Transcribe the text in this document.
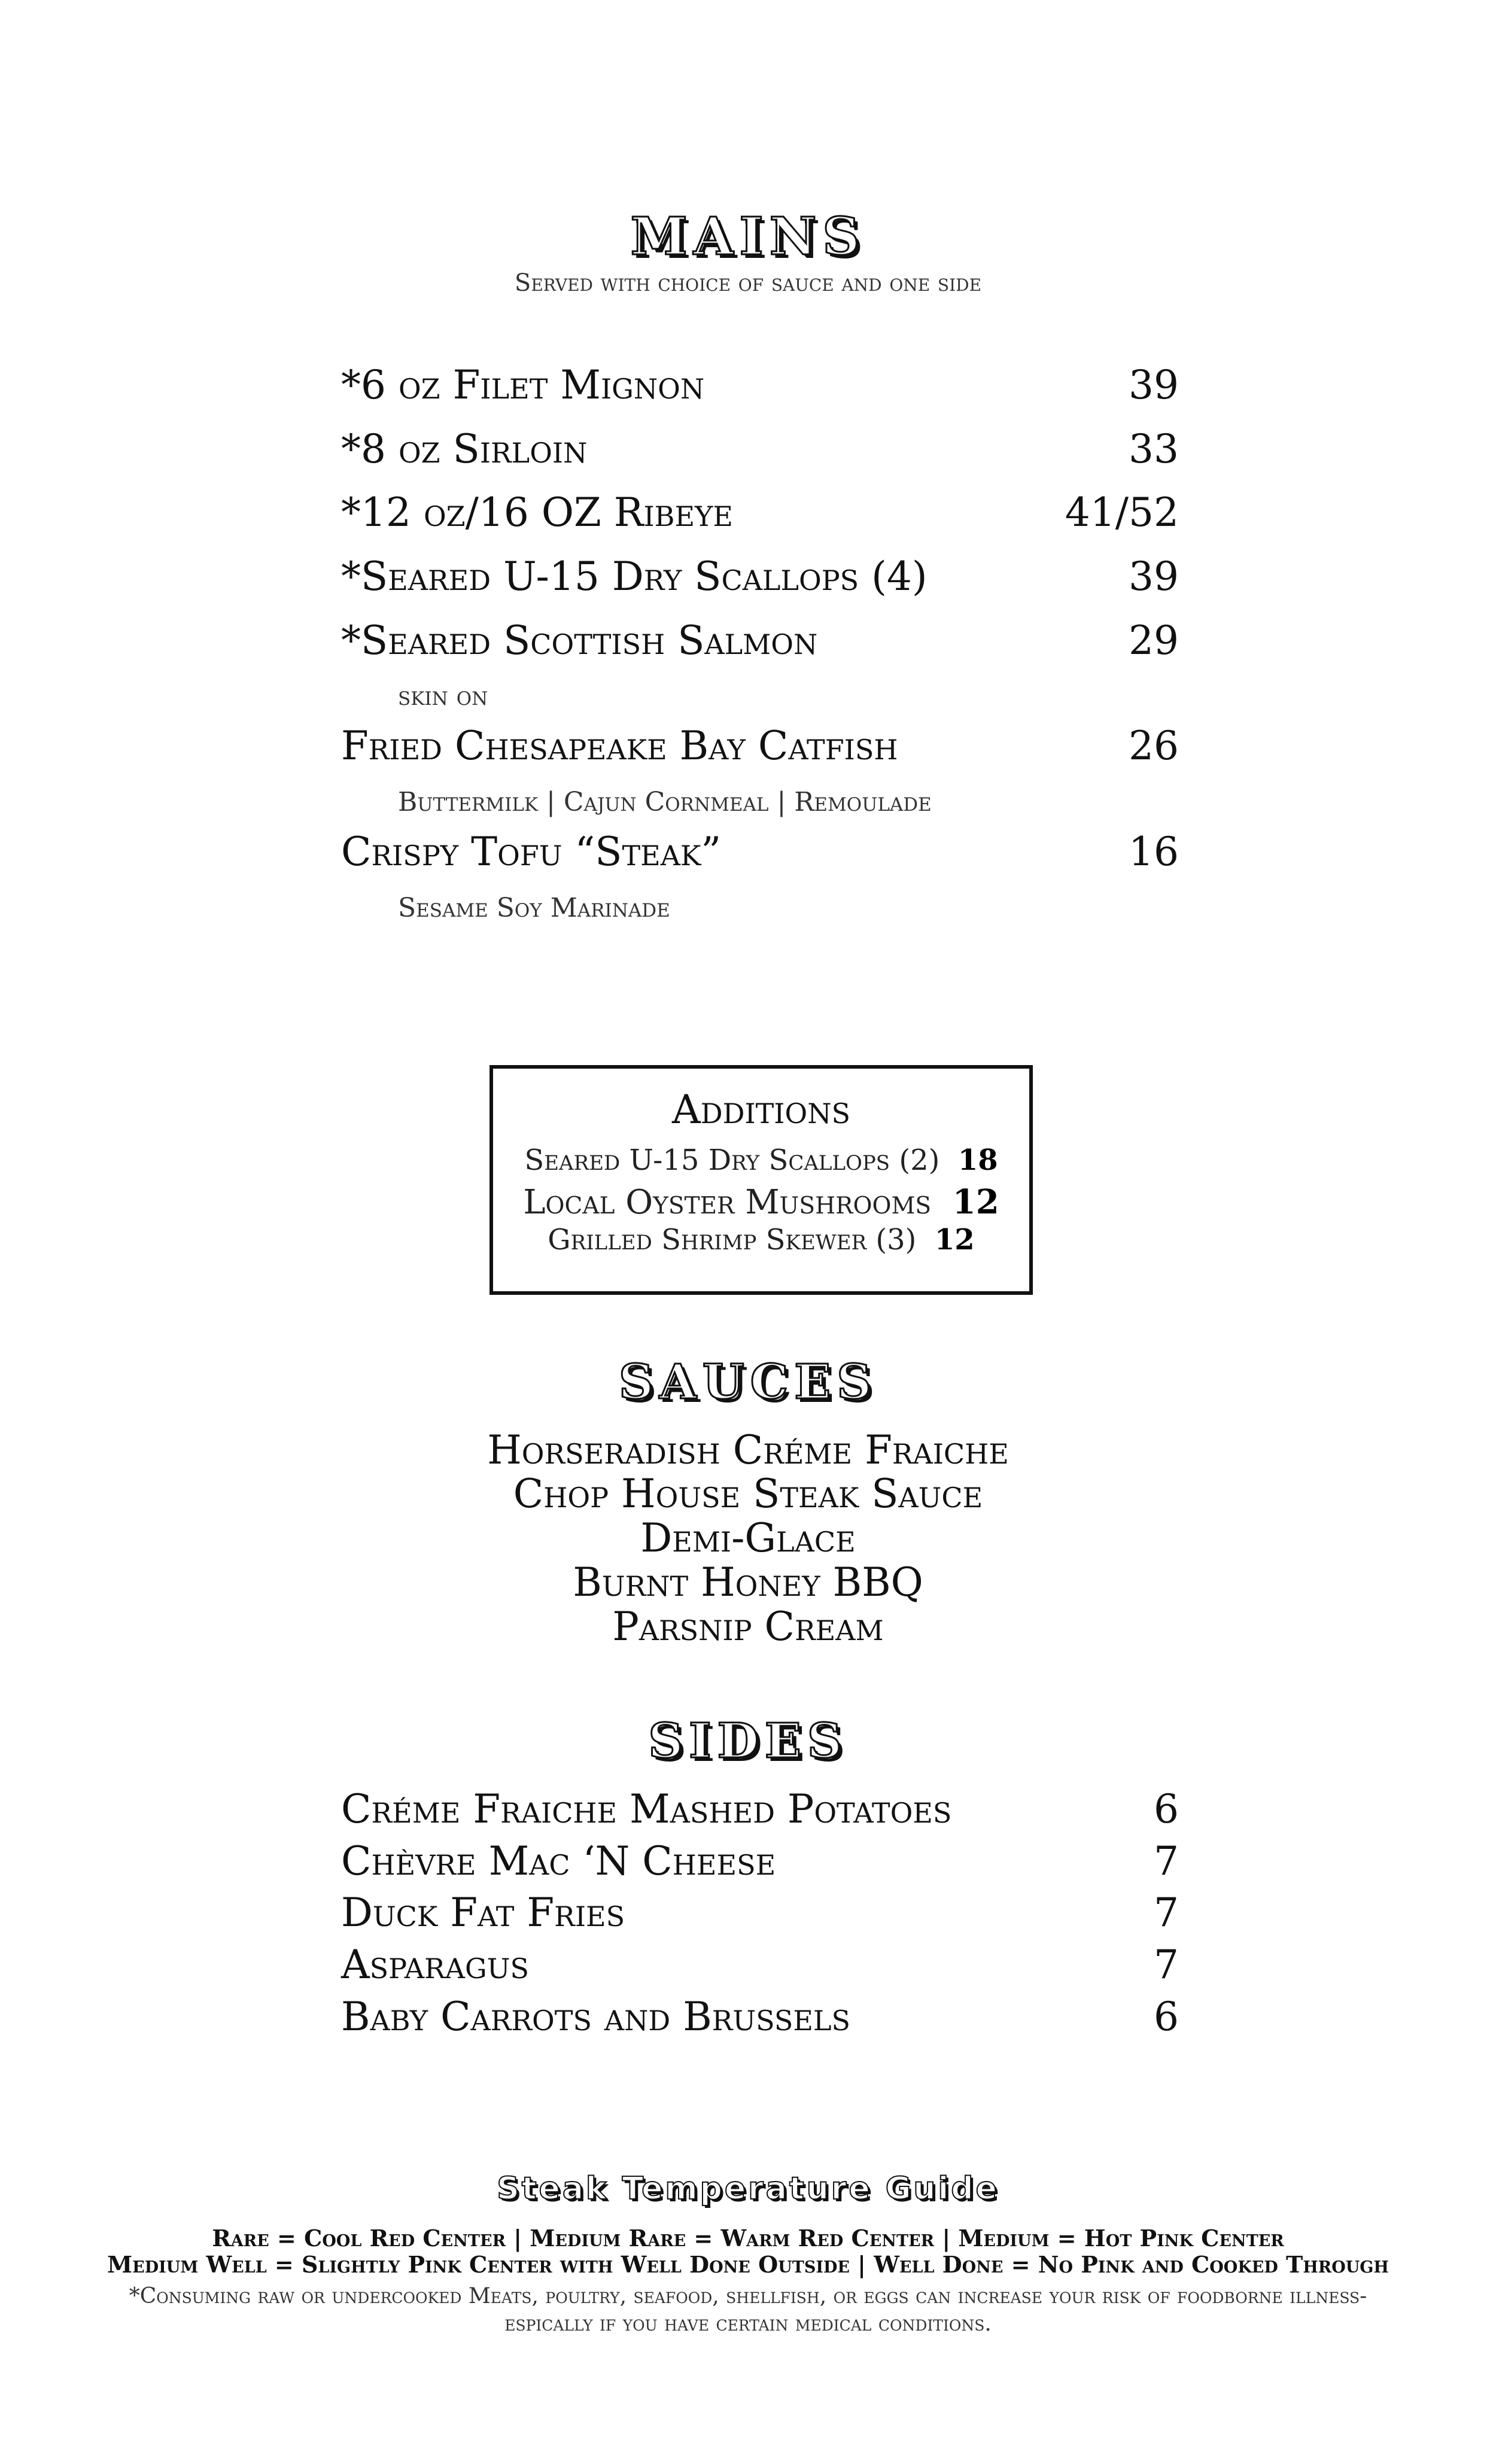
MAINS
Served with choice of sauce and one side
*6 oz Filet Mignon	39
*8 oz Sirloin	33
*12 oz/16 OZ Ribeye	41/52
*Seared U-15 Dry Scallops (4)	39
*Seared Scottish Salmon	29
skin on
Fried Chesapeake Bay Catfish	26
Buttermilk | Cajun Cornmeal | Remoulade
Crispy Tofu “Steak”	16
Sesame Soy Marinade
Additions
Seared U-15 Dry Scallops (2) 18
Local Oyster Mushrooms 12
Grilled Shrimp Skewer (3) 12
SAUCES
Horseradish Créme Fraiche
Chop House Steak Sauce
Demi-Glace
Burnt Honey BBQ
Parsnip Cream
SIDES
Créme Fraiche Mashed Potatoes	6
Chèvre Mac ‘N Cheese	7
Duck Fat Fries	7
Asparagus	7
Baby Carrots and Brussels	6
Steak Temperature Guide
Rare = Cool Red Center | Medium Rare = Warm Red Center | Medium = Hot Pink Center
Medium Well = Slightly Pink Center with Well Done Outside | Well Done = No Pink and Cooked Through
*Consuming raw or undercooked Meats, poultry, seafood, shellfish, or eggs can increase your risk of foodborne illness-espically if you have certain medical conditions.
